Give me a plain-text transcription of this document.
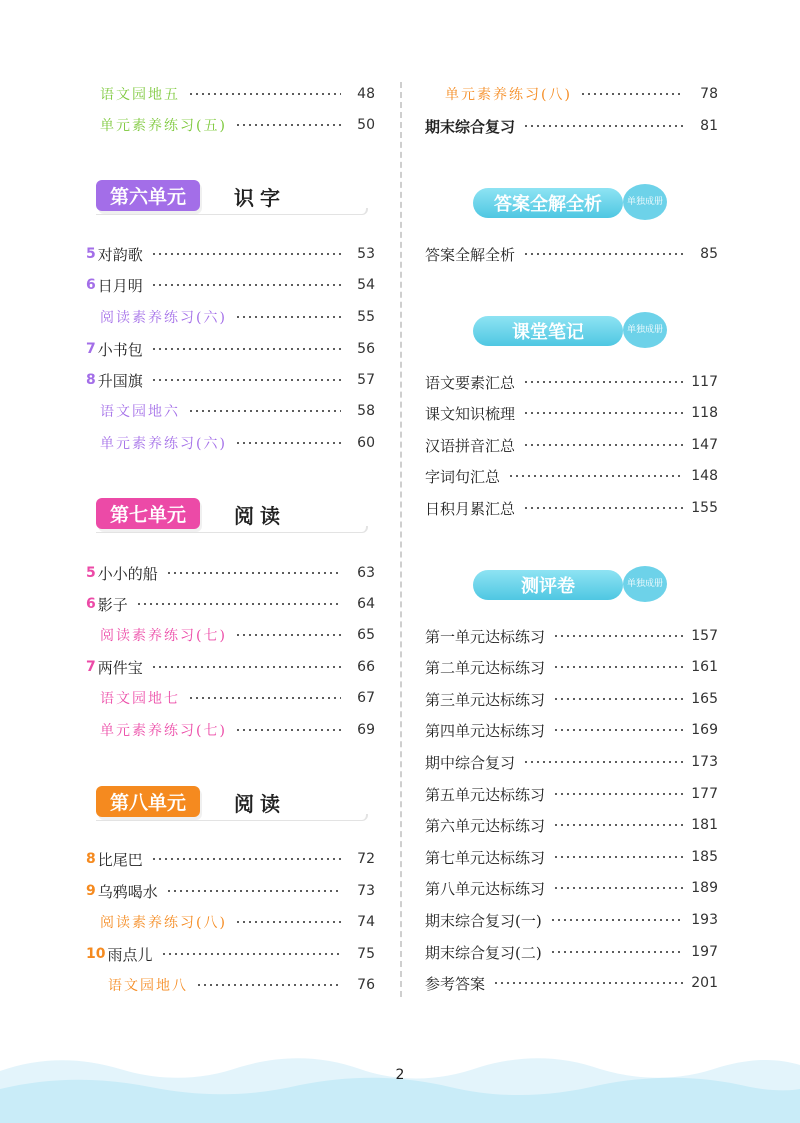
语文园地五	48
单元素养练习(五)	50
第六单元	识字
5 对韵歌	53
6 日月明	54
阅读素养练习(六)	55
7 小书包	56
8 升国旗	57
语文园地六	58
单元素养练习(六)	60
第七单元	阅读
5 小小的船	63
6 影子	64
阅读素养练习(七)	65
7 两件宝	66
语文园地七	67
单元素养练习(七)	69
第八单元	阅读
8 比尾巴	72
9 乌鸦喝水	73
阅读素养练习(八)	74
10 雨点儿	75
语文园地八	76
单元素养练习(八)	78
期末综合复习	81
答案全解全析	单独成册
答案全解全析	85
课堂笔记	单独成册
语文要素汇总	117
课文知识梳理	118
汉语拼音汇总	147
字词句汇总	148
日积月累汇总	155
测评卷	单独成册
第一单元达标练习	157
第二单元达标练习	161
第三单元达标练习	165
第四单元达标练习	169
期中综合复习	173
第五单元达标练习	177
第六单元达标练习	181
第七单元达标练习	185
第八单元达标练习	189
期末综合复习(一)	193
期末综合复习(二)	197
参考答案	201
2
